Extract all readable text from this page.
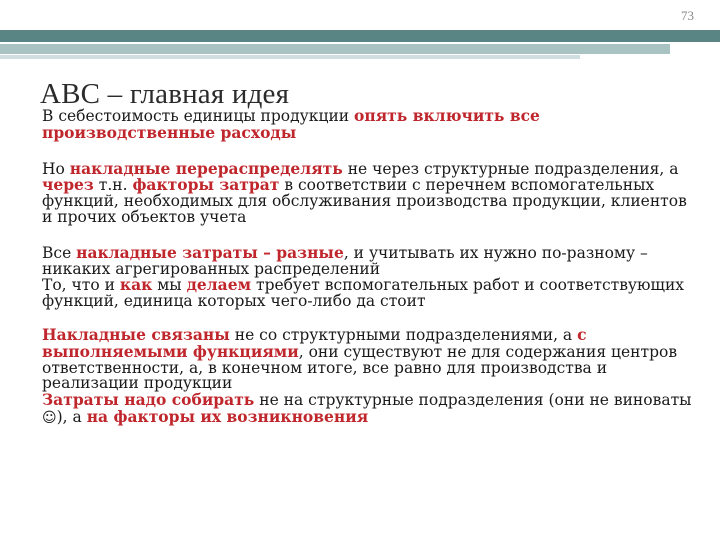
73
ABC – главная идея

В себестоимость единицы продукции опять включить все производственные расходы

Но накладные перераспределять не через структурные подразделения, а через т.н. факторы затрат в соответствии с перечнем вспомогательных функций, необходимых для обслуживания производства продукции, клиентов и прочих объектов учета

Все накладные затраты – разные, и учитывать их нужно по-разному – никаких агрегированных распределений

То, что и как мы делаем требует вспомогательных работ и соответствующих функций, единица которых чего-либо да стоит

Накладные связаны не со структурными подразделениями, а с выполняемыми функциями, они существуют не для содержания центров ответственности, а, в конечном итоге, все равно для производства и реализации продукции

Затраты надо собирать не на структурные подразделения (они не виноваты☺), а на факторы их возникновения
